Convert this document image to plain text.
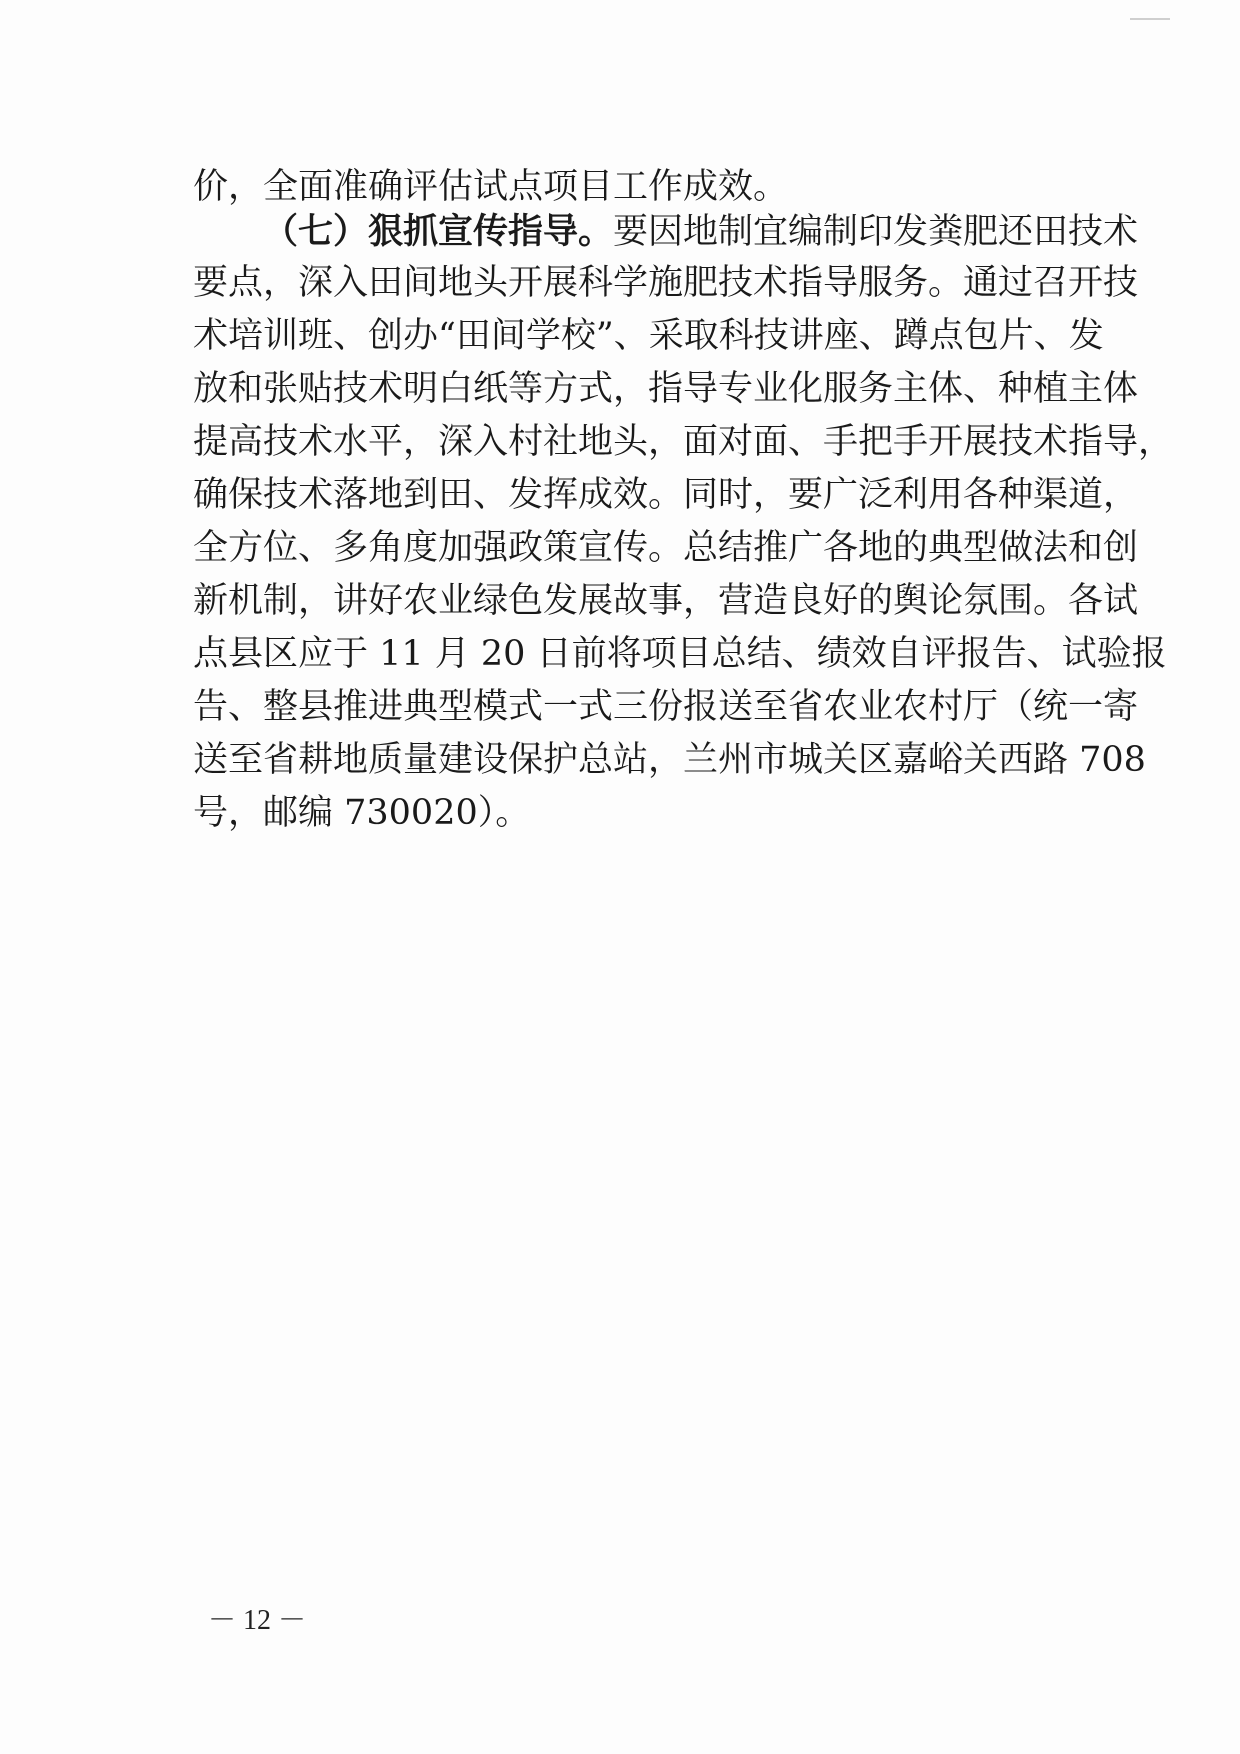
价，全面准确评估试点项目工作成效。
（七）狠抓宣传指导。要因地制宜编制印发粪肥还田技术
要点，深入田间地头开展科学施肥技术指导服务。通过召开技
术培训班、创办“田间学校”、采取科技讲座、蹲点包片、发
放和张贴技术明白纸等方式，指导专业化服务主体、种植主体
提高技术水平，深入村社地头，面对面、手把手开展技术指导，
确保技术落地到田、发挥成效。同时，要广泛利用各种渠道，
全方位、多角度加强政策宣传。总结推广各地的典型做法和创
新机制，讲好农业绿色发展故事，营造良好的舆论氛围。各试
点县区应于 11 月 20 日前将项目总结、绩效自评报告、试验报
告、整县推进典型模式一式三份报送至省农业农村厅（统一寄
送至省耕地质量建设保护总站，兰州市城关区嘉峪关西路 708
号，邮编 730020）。
－ 12 －
